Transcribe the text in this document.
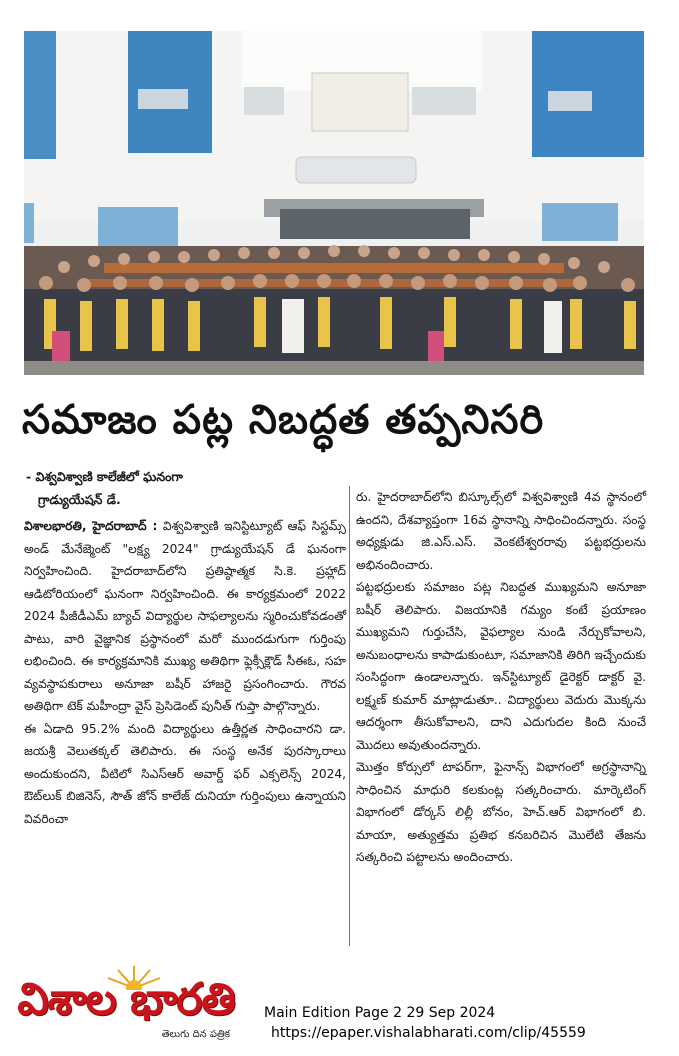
సమాజం పట్ల నిబద్ధత తప్పనిసరి

- విశ్వవిశ్వాణి కాలేజీలో ఘనంగా

గ్రాడ్యుయేషన్ డే.

విశాలభారతి, హైదరాబాద్ : విశ్వవిశ్వాణి ఇనిస్టిట్యూట్ ఆఫ్ సిస్టమ్స్ అండ్ మేనేజ్మెంట్ "లక్ష్య 2024" గ్రాడ్యుయేషన్ డే ఘనంగా నిర్వహించింది. హైదరాబాద్‌లోని ప్రతిష్ఠాత్మక సి.కె. ప్రహ్లాద్ ఆడిటోరియంలో ఘనంగా నిర్వహించింది. ఈ కార్యక్రమంలో 2022 2024 పీజీడీఎమ్ బ్యాచ్ విద్యార్థుల సాఫల్యాలను స్మరించుకోవడంతో పాటు, వారి వైజ్ఞానిక ప్రస్థానంలో మరో ముందడుగుగా గుర్తింపు లభించింది. ఈ కార్యక్రమానికి ముఖ్య అతిథిగా ఫ్లెక్సీక్లౌడ్ సీఈఓ, సహ వ్యవస్థాపకురాలు అనూజా బషీర్ హాజరై ప్రసంగించారు. గౌరవ అతిథిగా టెక్ మహీంద్రా వైస్ ప్రెసిడెంట్ పునీత్ గుప్తా పాల్గొన్నారు.

ఈ ఏడాది 95.2% మంది విద్యార్థులు ఉత్తీర్ణత సాధించారని డా. జయశ్రీ వెలుతక్కల్ తెలిపారు. ఈ సంస్థ అనేక పురస్కారాలు అందుకుందని, వీటిలో సిఎస్ఆర్ అవార్డ్ ఫర్ ఎక్సలెన్స్ 2024, ఔట్‌లుక్ బిజినెస్, సౌత్ జోన్ కాలేజ్ దునియా గుర్తింపులు ఉన్నాయని వివరించా

రు. హైదరాబాద్‌లోని బిస్కూల్స్‌లో విశ్వవిశ్వాణి 4వ స్థానంలో ఉందని, దేశవ్యాప్తంగా 16వ స్థానాన్ని సాధించిందన్నారు. సంస్థ అధ్యక్షుడు జి.ఎస్.ఎస్. వెంకటేశ్వరరావు పట్టభద్రులను అభినందించారు.

పట్టభద్రులకు సమాజం పట్ల నిబద్ధత ముఖ్యమని అనూజా బషీర్ తెలిపారు. విజయానికి గమ్యం కంటే ప్రయాణం ముఖ్యమని గుర్తుచేసి, వైఫల్యాల నుండి నేర్చుకోవాలని, అనుబంధాలను కాపాడుకుంటూ, సమాజానికి తిరిగి ఇచ్చేందుకు సంసిద్ధంగా ఉండాలన్నారు. ఇన్‌స్టిట్యూట్ డైరెక్టర్ డాక్టర్ వై. లక్ష్మణ్ కుమార్ మాట్లాడుతూ.. విద్యార్థులు వెదురు మొక్కను ఆదర్శంగా తీసుకోవాలని, దాని ఎదుగుదల కింది నుంచే మొదలు అవుతుందన్నారు.

మొత్తం కోర్సులో టాపర్‌గా, ఫైనాన్స్ విభాగంలో అగ్రస్థానాన్ని సాధించిన మాధురి కలకుంట్ల సత్కరించారు. మార్కెటింగ్ విభాగంలో డోర్కస్ లిల్లీ బోనం, హెచ్.ఆర్ విభాగంలో బి. మాయా, అత్యుత్తమ ప్రతిభ కనబరిచిన మొలేటి తేజను సత్కరించి పట్టాలను అందించారు.

విశాల భారతి
తెలుగు దిన పత్రిక
Main Edition Page 2 29 Sep 2024
https://epaper.vishalabharati.com/clip/45559
